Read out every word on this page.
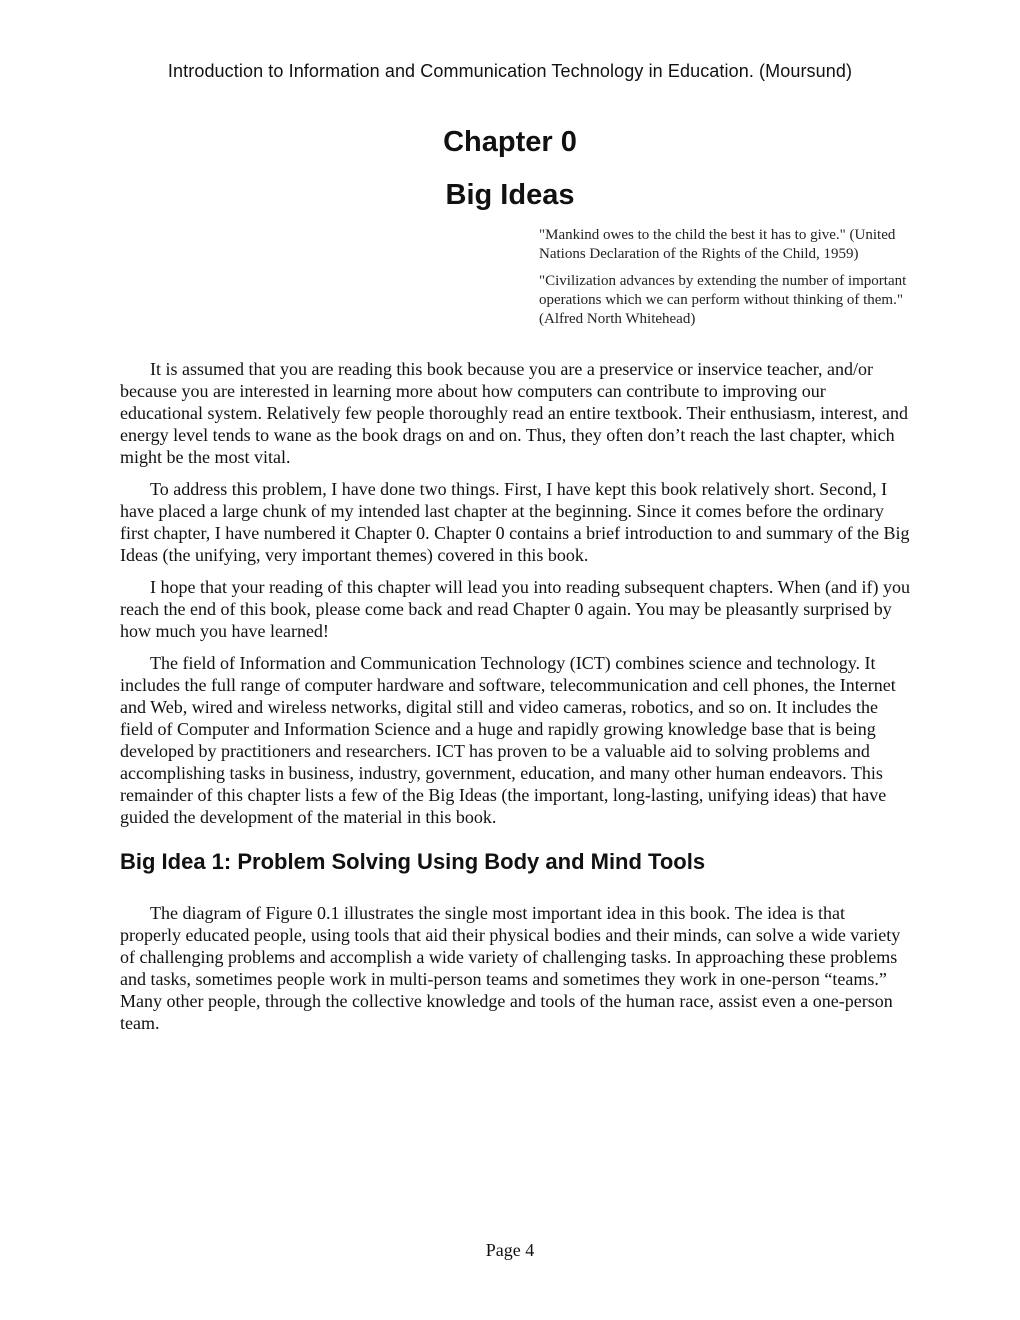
Introduction to Information and Communication Technology in Education. (Moursund)
Chapter 0
Big Ideas

"Mankind owes to the child the best it has to give." (United Nations Declaration of the Rights of the Child, 1959)

"Civilization advances by extending the number of important operations which we can perform without thinking of them." (Alfred North Whitehead)

It is assumed that you are reading this book because you are a preservice or inservice teacher, and/or because you are interested in learning more about how computers can contribute to improving our educational system. Relatively few people thoroughly read an entire textbook. Their enthusiasm, interest, and energy level tends to wane as the book drags on and on. Thus, they often don’t reach the last chapter, which might be the most vital.

To address this problem, I have done two things. First, I have kept this book relatively short. Second, I have placed a large chunk of my intended last chapter at the beginning. Since it comes before the ordinary first chapter, I have numbered it Chapter 0. Chapter 0 contains a brief introduction to and summary of the Big Ideas (the unifying, very important themes) covered in this book.

I hope that your reading of this chapter will lead you into reading subsequent chapters. When (and if) you reach the end of this book, please come back and read Chapter 0 again. You may be pleasantly surprised by how much you have learned!

The field of Information and Communication Technology (ICT) combines science and technology. It includes the full range of computer hardware and software, telecommunication and cell phones, the Internet and Web, wired and wireless networks, digital still and video cameras, robotics, and so on. It includes the field of Computer and Information Science and a huge and rapidly growing knowledge base that is being developed by practitioners and researchers. ICT has proven to be a valuable aid to solving problems and accomplishing tasks in business, industry, government, education, and many other human endeavors. This remainder of this chapter lists a few of the Big Ideas (the important, long-lasting, unifying ideas) that have guided the development of the material in this book.

Big Idea 1: Problem Solving Using Body and Mind Tools

The diagram of Figure 0.1 illustrates the single most important idea in this book. The idea is that properly educated people, using tools that aid their physical bodies and their minds, can solve a wide variety of challenging problems and accomplish a wide variety of challenging tasks. In approaching these problems and tasks, sometimes people work in multi-person teams and sometimes they work in one-person “teams.” Many other people, through the collective knowledge and tools of the human race, assist even a one-person team.

Page 4
